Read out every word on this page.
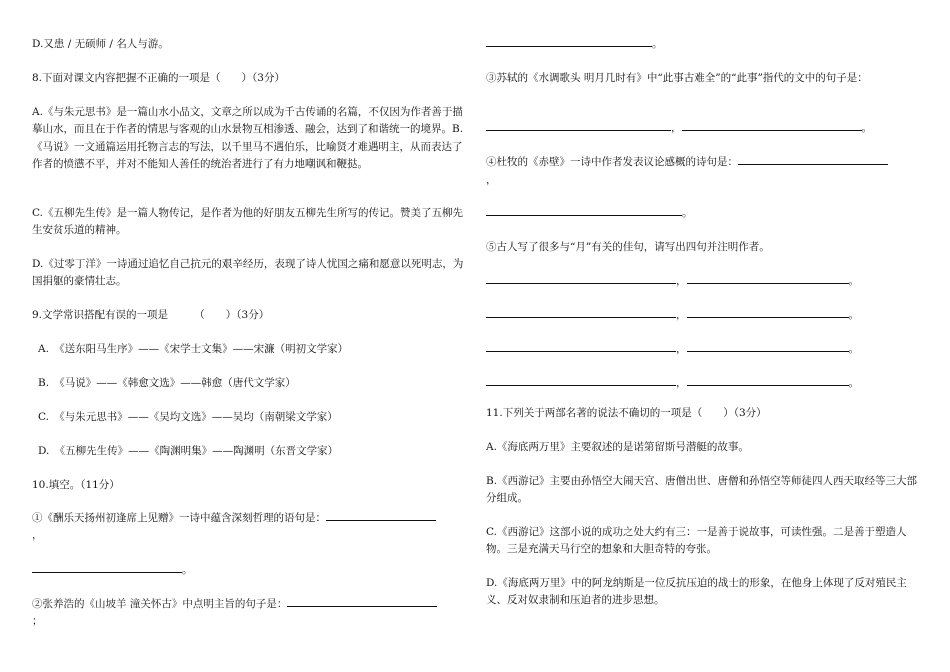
D.又患 / 无硕师 / 名人与游。

8.下面对课文内容把握不正确的一项是（　　）（3分）

A.《与朱元思书》是一篇山水小品文，文章之所以成为千古传诵的名篇，不仅因为作者善于描摹山水，而且在于作者的情思与客观的山水景物互相渗透、融会，达到了和谐统一的境界。B.《马说》一文通篇运用托物言志的写法，以千里马不遇伯乐，比喻贤才难遇明主，从而表达了作者的愤懑不平，并对不能知人善任的统治者进行了有力地嘲讽和鞭挞。

C.《五柳先生传》是一篇人物传记，是作者为他的好朋友五柳先生所写的传记。赞美了五柳先生安贫乐道的精神。

D.《过零丁洋》一诗通过追忆自己抗元的艰辛经历，表现了诗人忧国之痛和愿意以死明志，为国捐躯的豪情壮志。

9.文学常识搭配有误的一项是　　　（　　）（3分）

A.　《送东阳马生序》——《宋学士文集》——宋濂（明初文学家）

B.　《马说》——《韩愈文选》——韩愈（唐代文学家）

C.　《与朱元思书》——《吴均文选》——吴均（南朝梁文学家）

D.　《五柳先生传》——《陶渊明集》——陶渊明（东晋文学家）

10.填空。（11分）

①《酬乐天扬州初逢席上见赠》一诗中蕴含深刻哲理的语句是：

，

。

②张养浩的《山坡羊 潼关怀古》中点明主旨的句子是：

；

。

③苏轼的《水调歌头 明月几时有》中“此事古难全”的“此事”指代的文中的句子是：

，	。

④杜牧的《赤壁》一诗中作者发表议论感概的诗句是：

，

。

⑤古人写了很多与“月”有关的佳句，请写出四句并注明作者。

，	。

，	。

，	。

，	。

11.下列关于两部名著的说法不确切的一项是（　　）（3分）

A.《海底两万里》主要叙述的是诺第留斯号潜艇的故事。

B.《西游记》主要由孙悟空大闹天宫、唐僧出世、唐僧和孙悟空等师徒四人西天取经等三大部分组成。

C.《西游记》这部小说的成功之处大约有三：一是善于说故事，可读性强。二是善于塑造人物。三是充满天马行空的想象和大胆奇特的夸张。

D.《海底两万里》中的阿龙纳斯是一位反抗压迫的战士的形象，在他身上体现了反对殖民主义、反对奴隶制和压迫者的进步思想。
